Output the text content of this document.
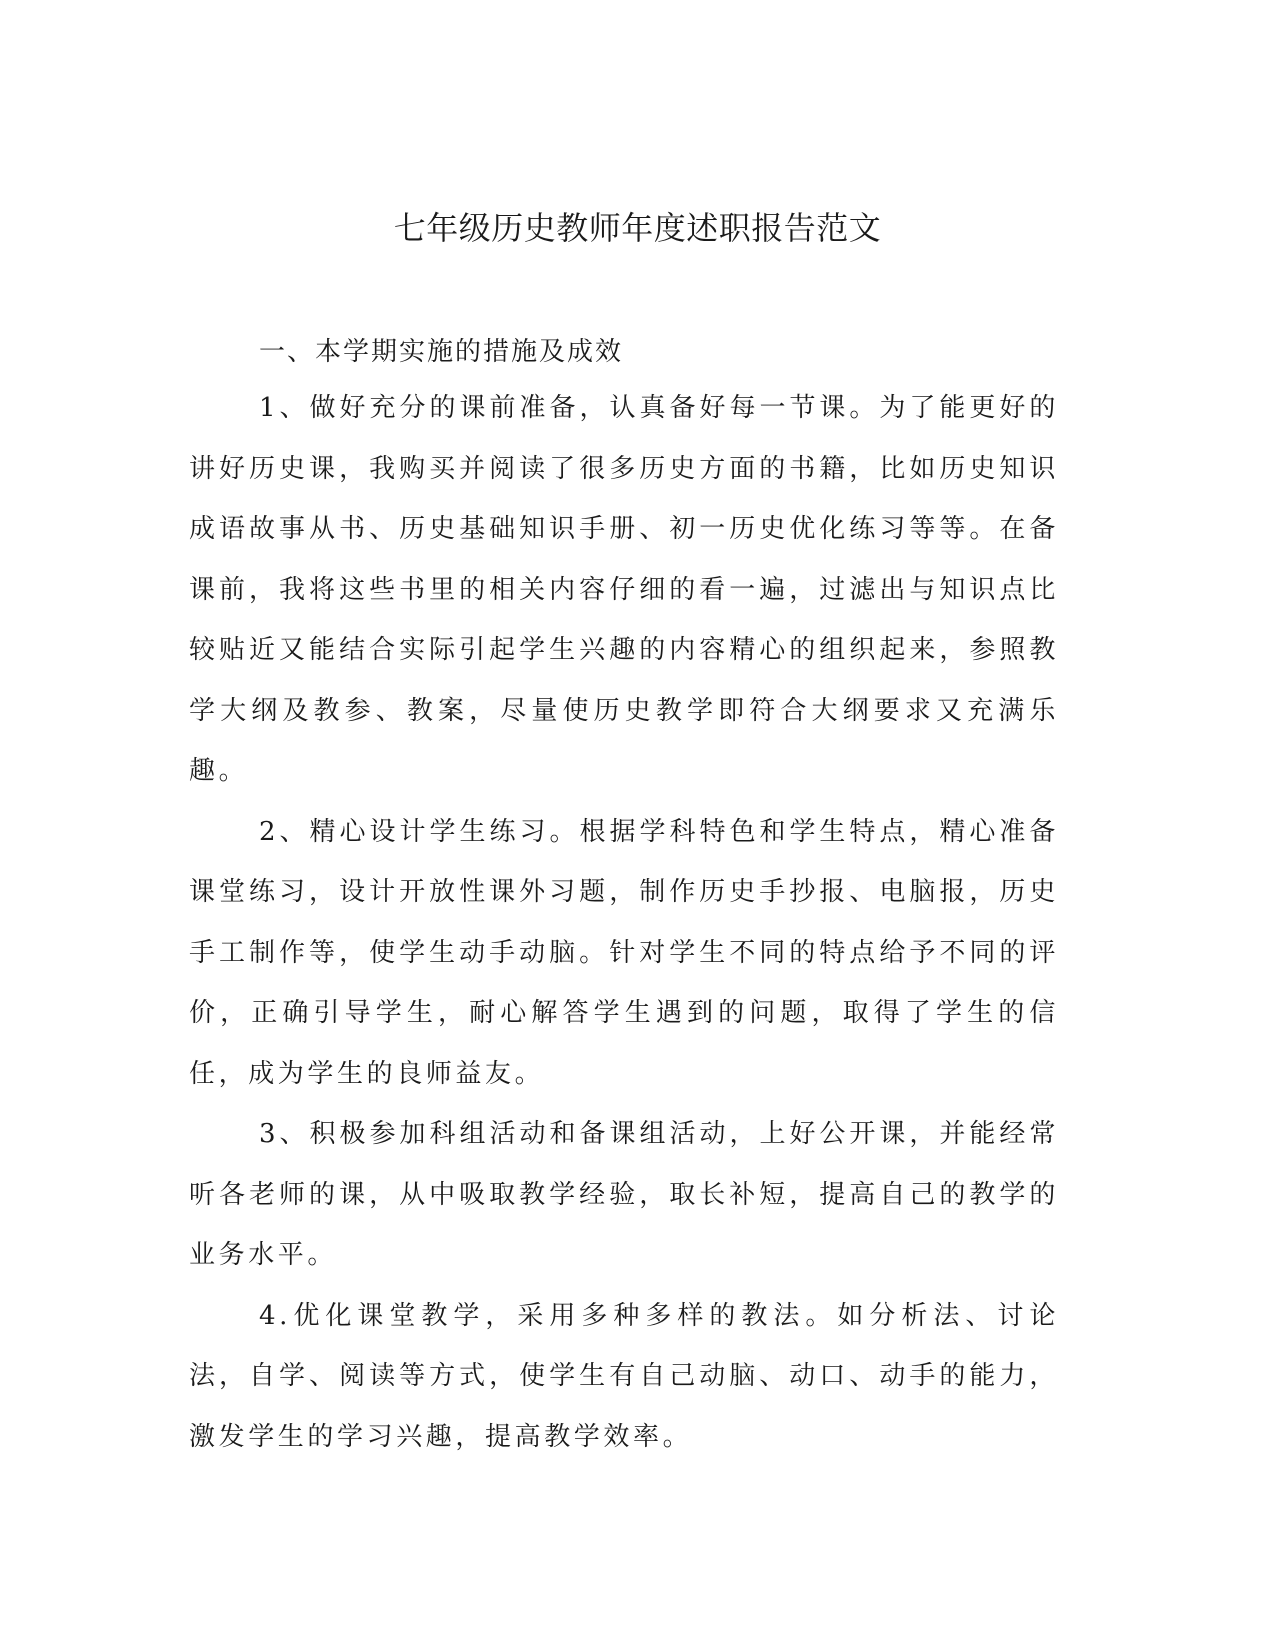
七年级历史教师年度述职报告范文

一、本学期实施的措施及成效

1、做好充分的课前准备，认真备好每一节课。为了能更好的讲好历史课，我购买并阅读了很多历史方面的书籍，比如历史知识成语故事从书、历史基础知识手册、初一历史优化练习等等。在备课前，我将这些书里的相关内容仔细的看一遍，过滤出与知识点比较贴近又能结合实际引起学生兴趣的内容精心的组织起来，参照教学大纲及教参、教案，尽量使历史教学即符合大纲要求又充满乐趣。

2、精心设计学生练习。根据学科特色和学生特点，精心准备课堂练习，设计开放性课外习题，制作历史手抄报、电脑报，历史手工制作等，使学生动手动脑。针对学生不同的特点给予不同的评价，正确引导学生，耐心解答学生遇到的问题，取得了学生的信任，成为学生的良师益友。

3、积极参加科组活动和备课组活动，上好公开课，并能经常听各老师的课，从中吸取教学经验，取长补短，提高自己的教学的业务水平。

4.优化课堂教学，采用多种多样的教法。如分析法、讨论法，自学、阅读等方式，使学生有自己动脑、动口、动手的能力，激发学生的学习兴趣，提高教学效率。
